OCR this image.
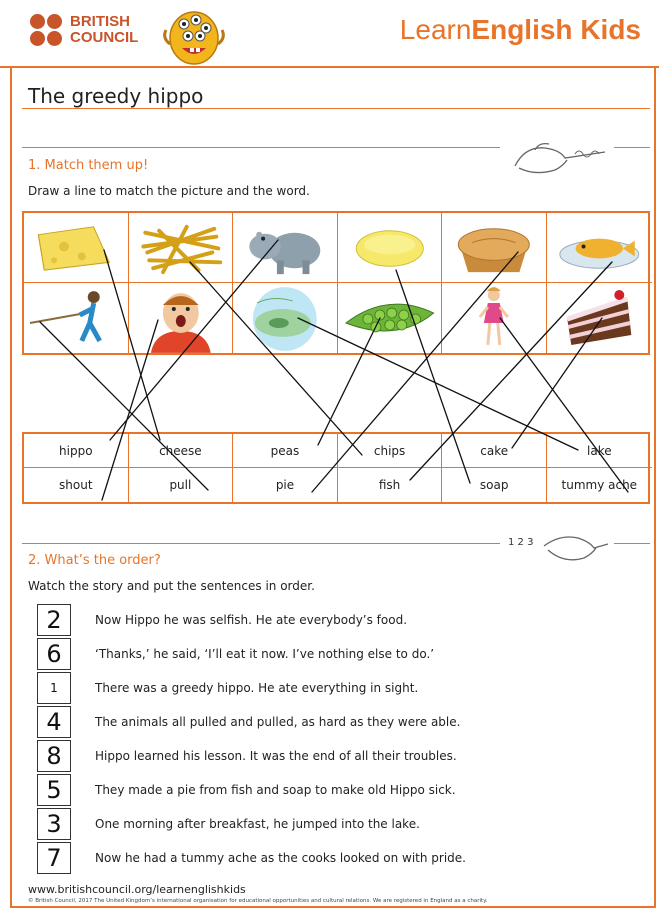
BRITISH
COUNCIL	LearnEnglish Kids
The greedy hippo
1. Match them up!
Draw a line to match the picture and the word.
hippo	cheese	peas	chips	cake	lake
shout	pull	pie	fish	soap	tummy ache
1 2 3
2. What’s the order?
Watch the story and put the sentences in order.
2	Now Hippo he was selfish. He ate everybody’s food.
6	‘Thanks,’ he said, ‘I’ll eat it now. I’ve nothing else to do.’
1	There was a greedy hippo. He ate everything in sight.
4	The animals all pulled and pulled, as hard as they were able.
8	Hippo learned his lesson. It was the end of all their troubles.
5	They made a pie from fish and soap to make old Hippo sick.
3	One morning after breakfast, he jumped into the lake.
7	Now he had a tummy ache as the cooks looked on with pride.
www.britishcouncil.org/learnenglishkids
© British Council, 2017 The United Kingdom’s international organisation for educational opportunities and cultural relations. We are registered in England as a charity.
